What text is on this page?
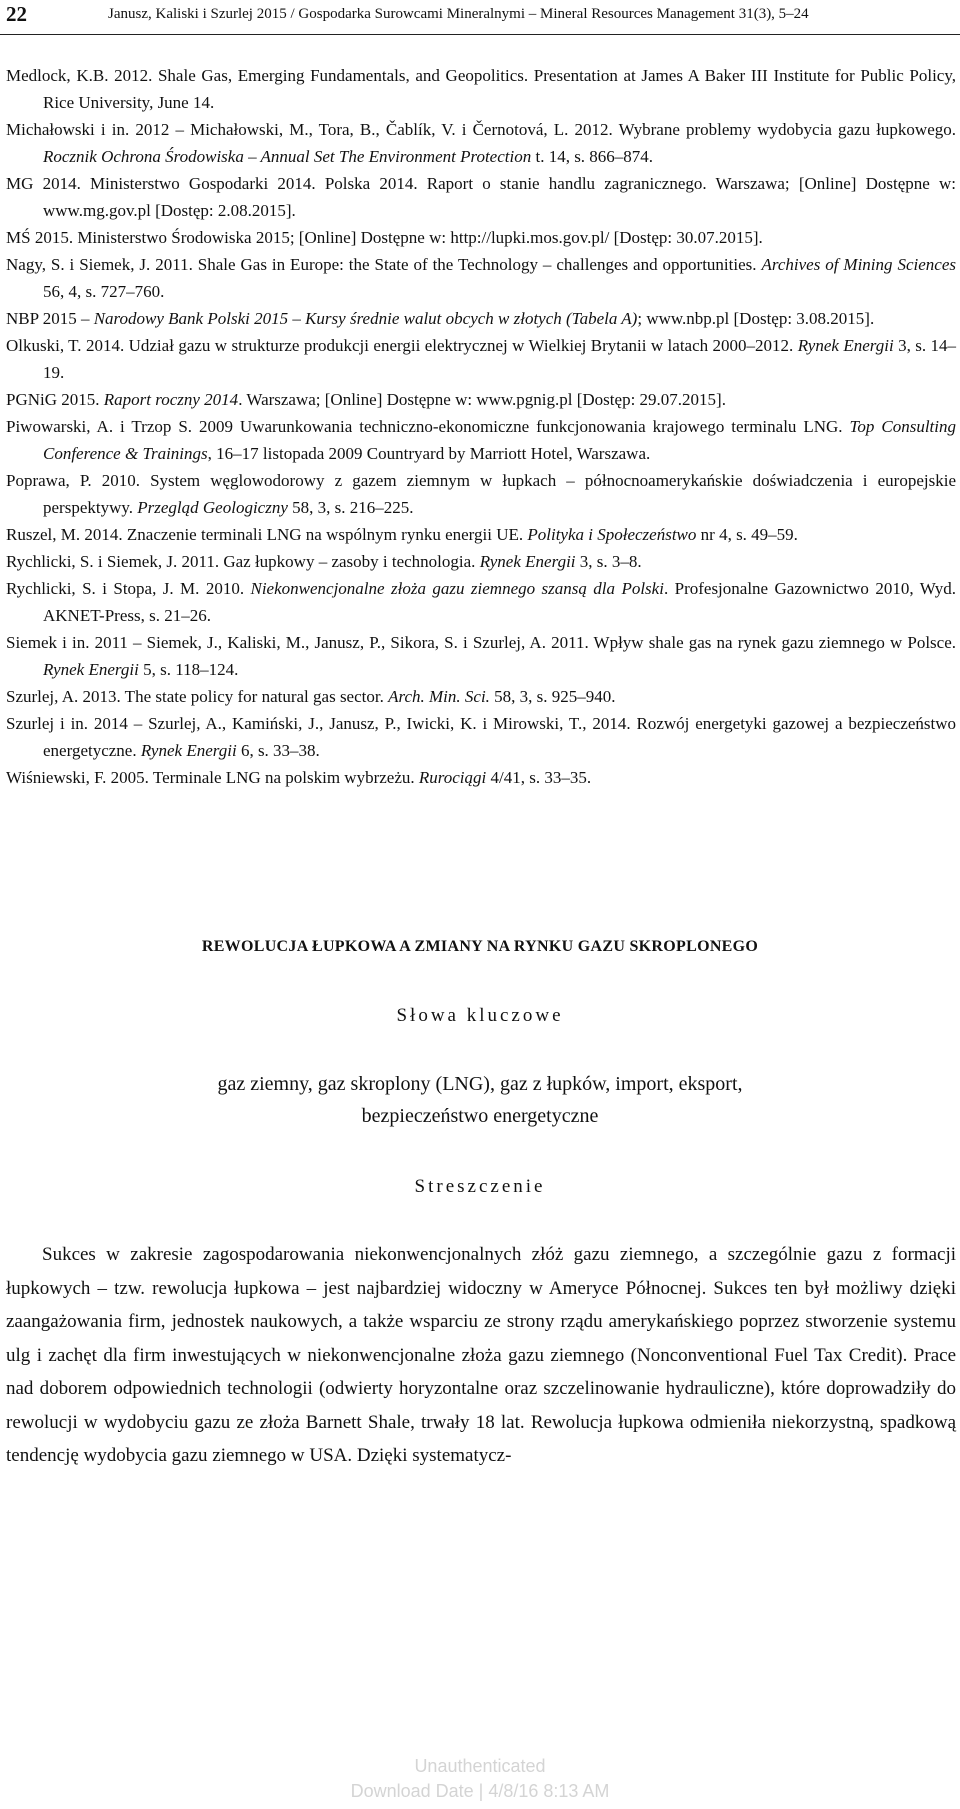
22	Janusz, Kaliski i Szurlej 2015 / Gospodarka Surowcami Mineralnymi – Mineral Resources Management 31(3), 5–24

Medlock, K.B. 2012. Shale Gas, Emerging Fundamentals, and Geopolitics. Presentation at James A Baker III Institute for Public Policy, Rice University, June 14.

Michałowski i in. 2012 – Michałowski, M., Tora, B., Čablík, V. i Černotová, L. 2012. Wybrane problemy wydobycia gazu łupkowego. Rocznik Ochrona Środowiska – Annual Set The Environment Protection t. 14, s. 866–874.

MG 2014. Ministerstwo Gospodarki 2014. Polska 2014. Raport o stanie handlu zagranicznego. Warszawa; [Online] Dostępne w: www.mg.gov.pl [Dostęp: 2.08.2015].

MŚ 2015. Ministerstwo Środowiska 2015; [Online] Dostępne w: http://lupki.mos.gov.pl/ [Dostęp: 30.07.2015].

Nagy, S. i Siemek, J. 2011. Shale Gas in Europe: the State of the Technology – challenges and opportunities. Archives of Mining Sciences 56, 4, s. 727–760.

NBP 2015 – Narodowy Bank Polski 2015 – Kursy średnie walut obcych w złotych (Tabela A); www.nbp.pl [Dostęp: 3.08.2015].

Olkuski, T. 2014. Udział gazu w strukturze produkcji energii elektrycznej w Wielkiej Brytanii w latach 2000–2012. Rynek Energii 3, s. 14–19.

PGNiG 2015. Raport roczny 2014. Warszawa; [Online] Dostępne w: www.pgnig.pl [Dostęp: 29.07.2015].

Piwowarski, A. i Trzop S. 2009 Uwarunkowania techniczno-ekonomiczne funkcjonowania krajowego terminalu LNG. Top Consulting Conference & Trainings, 16–17 listopada 2009 Countryard by Marriott Hotel, Warszawa.

Poprawa, P. 2010. System węglowodorowy z gazem ziemnym w łupkach – północnoamerykańskie doświadczenia i europejskie perspektywy. Przegląd Geologiczny 58, 3, s. 216–225.

Ruszel, M. 2014. Znaczenie terminali LNG na wspólnym rynku energii UE. Polityka i Społeczeństwo nr 4, s. 49–59.

Rychlicki, S. i Siemek, J. 2011. Gaz łupkowy – zasoby i technologia. Rynek Energii 3, s. 3–8.

Rychlicki, S. i Stopa, J. M. 2010. Niekonwencjonalne złoża gazu ziemnego szansą dla Polski. Profesjonalne Gazownictwo 2010, Wyd. AKNET-Press, s. 21–26.

Siemek i in. 2011 – Siemek, J., Kaliski, M., Janusz, P., Sikora, S. i Szurlej, A. 2011. Wpływ shale gas na rynek gazu ziemnego w Polsce. Rynek Energii 5, s. 118–124.

Szurlej, A. 2013. The state policy for natural gas sector. Arch. Min. Sci. 58, 3, s. 925–940.

Szurlej i in. 2014 – Szurlej, A., Kamiński, J., Janusz, P., Iwicki, K. i Mirowski, T., 2014. Rozwój energetyki gazowej a bezpieczeństwo energetyczne. Rynek Energii 6, s. 33–38.

Wiśniewski, F. 2005. Terminale LNG na polskim wybrzeżu. Rurociągi 4/41, s. 33–35.

REWOLUCJA ŁUPKOWA A ZMIANY NA RYNKU GAZU SKROPLONEGO
Słowa kluczowe
gaz ziemny, gaz skroplony (LNG), gaz z łupków, import, eksport,
bezpieczeństwo energetyczne
Streszczenie

Sukces w zakresie zagospodarowania niekonwencjonalnych złóż gazu ziemnego, a szczególnie gazu z formacji łupkowych – tzw. rewolucja łupkowa – jest najbardziej widoczny w Ameryce Północnej. Sukces ten był możliwy dzięki zaangażowania firm, jednostek naukowych, a także wsparciu ze strony rządu amerykańskiego poprzez stworzenie systemu ulg i zachęt dla firm inwestujących w niekonwencjonalne złoża gazu ziemnego (Nonconventional Fuel Tax Credit). Prace nad doborem odpowiednich technologii (odwierty horyzontalne oraz szczelinowanie hydrauliczne), które doprowadziły do rewolucji w wydobyciu gazu ze złoża Barnett Shale, trwały 18 lat. Rewolucja łupkowa odmieniła niekorzystną, spadkową tendencję wydobycia gazu ziemnego w USA. Dzięki systematycz-

Unauthenticated
Download Date | 4/8/16 8:13 AM
